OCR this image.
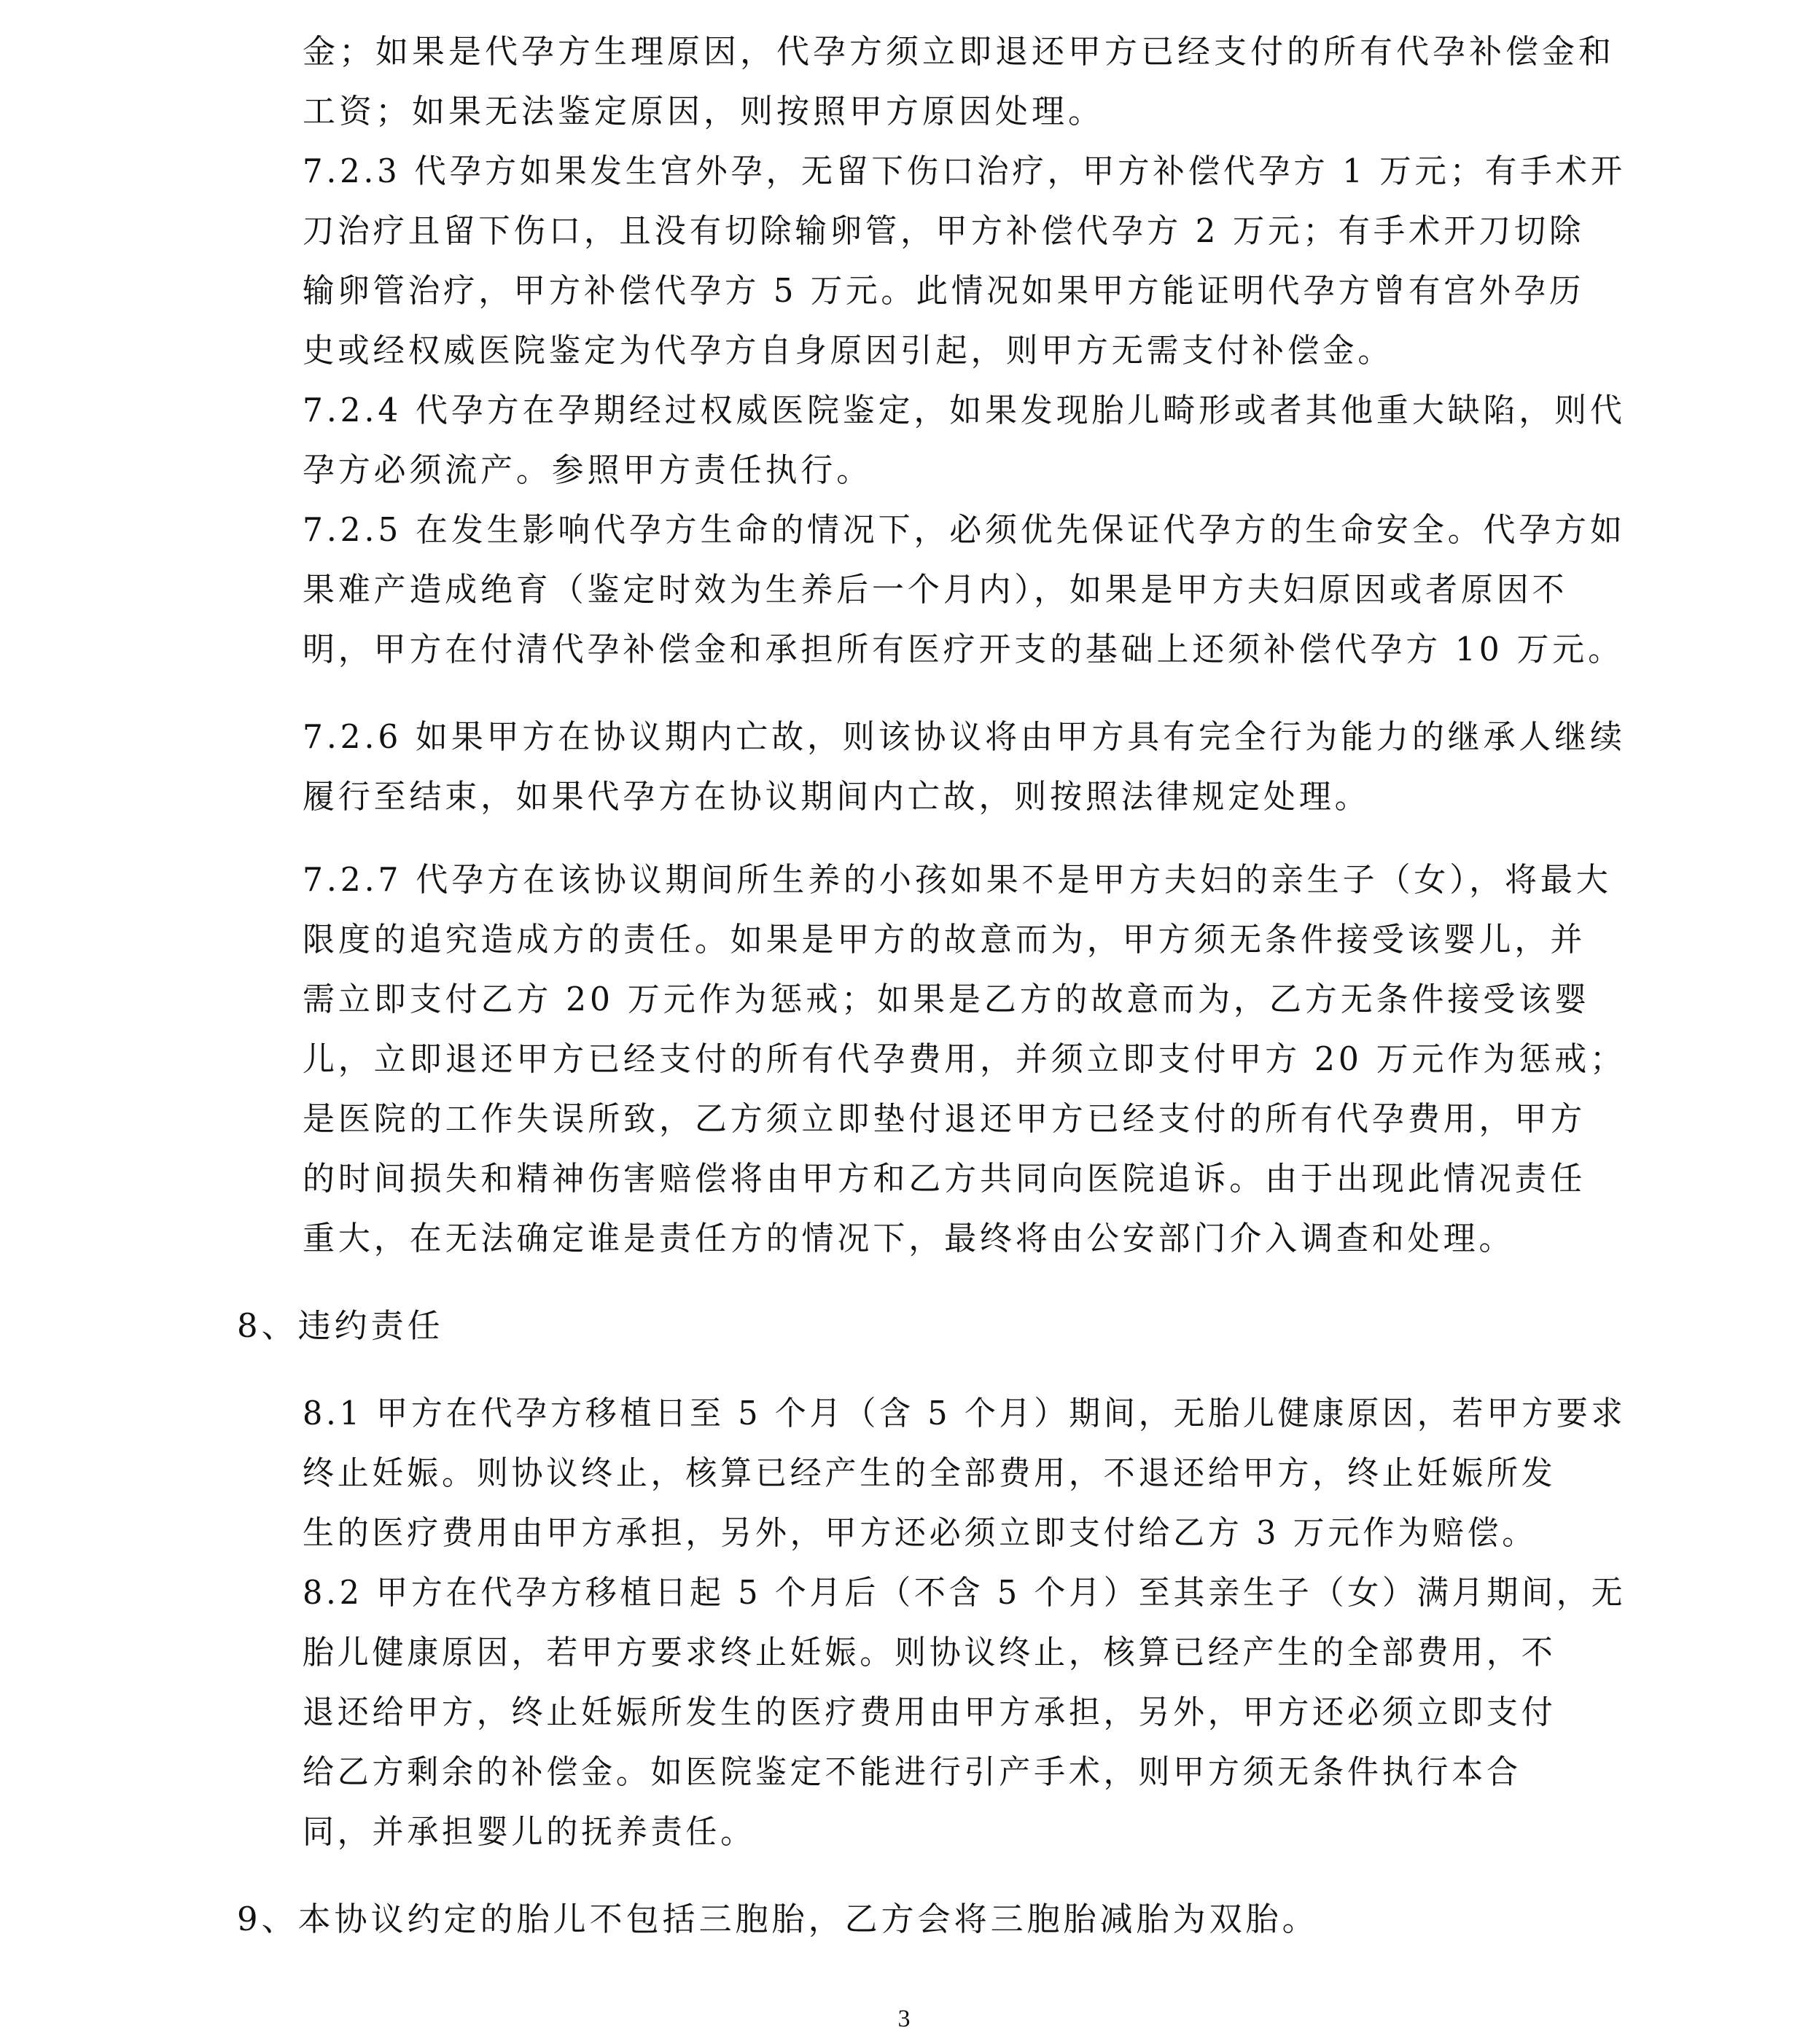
金；如果是代孕方生理原因，代孕方须立即退还甲方已经支付的所有代孕补偿金和
工资；如果无法鉴定原因，则按照甲方原因处理。
7.2.3 代孕方如果发生宫外孕，无留下伤口治疗，甲方补偿代孕方 1 万元；有手术开
刀治疗且留下伤口，且没有切除输卵管，甲方补偿代孕方 2 万元；有手术开刀切除
输卵管治疗，甲方补偿代孕方 5 万元。此情况如果甲方能证明代孕方曾有宫外孕历
史或经权威医院鉴定为代孕方自身原因引起，则甲方无需支付补偿金。
7.2.4 代孕方在孕期经过权威医院鉴定，如果发现胎儿畸形或者其他重大缺陷，则代
孕方必须流产。参照甲方责任执行。
7.2.5 在发生影响代孕方生命的情况下，必须优先保证代孕方的生命安全。代孕方如
果难产造成绝育（鉴定时效为生养后一个月内），如果是甲方夫妇原因或者原因不
明，甲方在付清代孕补偿金和承担所有医疗开支的基础上还须补偿代孕方 10 万元。
7.2.6 如果甲方在协议期内亡故，则该协议将由甲方具有完全行为能力的继承人继续
履行至结束，如果代孕方在协议期间内亡故，则按照法律规定处理。
7.2.7 代孕方在该协议期间所生养的小孩如果不是甲方夫妇的亲生子（女），将最大
限度的追究造成方的责任。如果是甲方的故意而为，甲方须无条件接受该婴儿，并
需立即支付乙方 20 万元作为惩戒；如果是乙方的故意而为，乙方无条件接受该婴
儿，立即退还甲方已经支付的所有代孕费用，并须立即支付甲方 20 万元作为惩戒；
是医院的工作失误所致，乙方须立即垫付退还甲方已经支付的所有代孕费用，甲方
的时间损失和精神伤害赔偿将由甲方和乙方共同向医院追诉。由于出现此情况责任
重大，在无法确定谁是责任方的情况下，最终将由公安部门介入调查和处理。
8、违约责任
8.1 甲方在代孕方移植日至 5 个月（含 5 个月）期间，无胎儿健康原因，若甲方要求
终止妊娠。则协议终止，核算已经产生的全部费用，不退还给甲方，终止妊娠所发
生的医疗费用由甲方承担，另外，甲方还必须立即支付给乙方 3 万元作为赔偿。
8.2 甲方在代孕方移植日起 5 个月后（不含 5 个月）至其亲生子（女）满月期间，无
胎儿健康原因，若甲方要求终止妊娠。则协议终止，核算已经产生的全部费用，不
退还给甲方，终止妊娠所发生的医疗费用由甲方承担，另外，甲方还必须立即支付
给乙方剩余的补偿金。如医院鉴定不能进行引产手术，则甲方须无条件执行本合
同，并承担婴儿的抚养责任。
9、本协议约定的胎儿不包括三胞胎，乙方会将三胞胎减胎为双胎。
3
